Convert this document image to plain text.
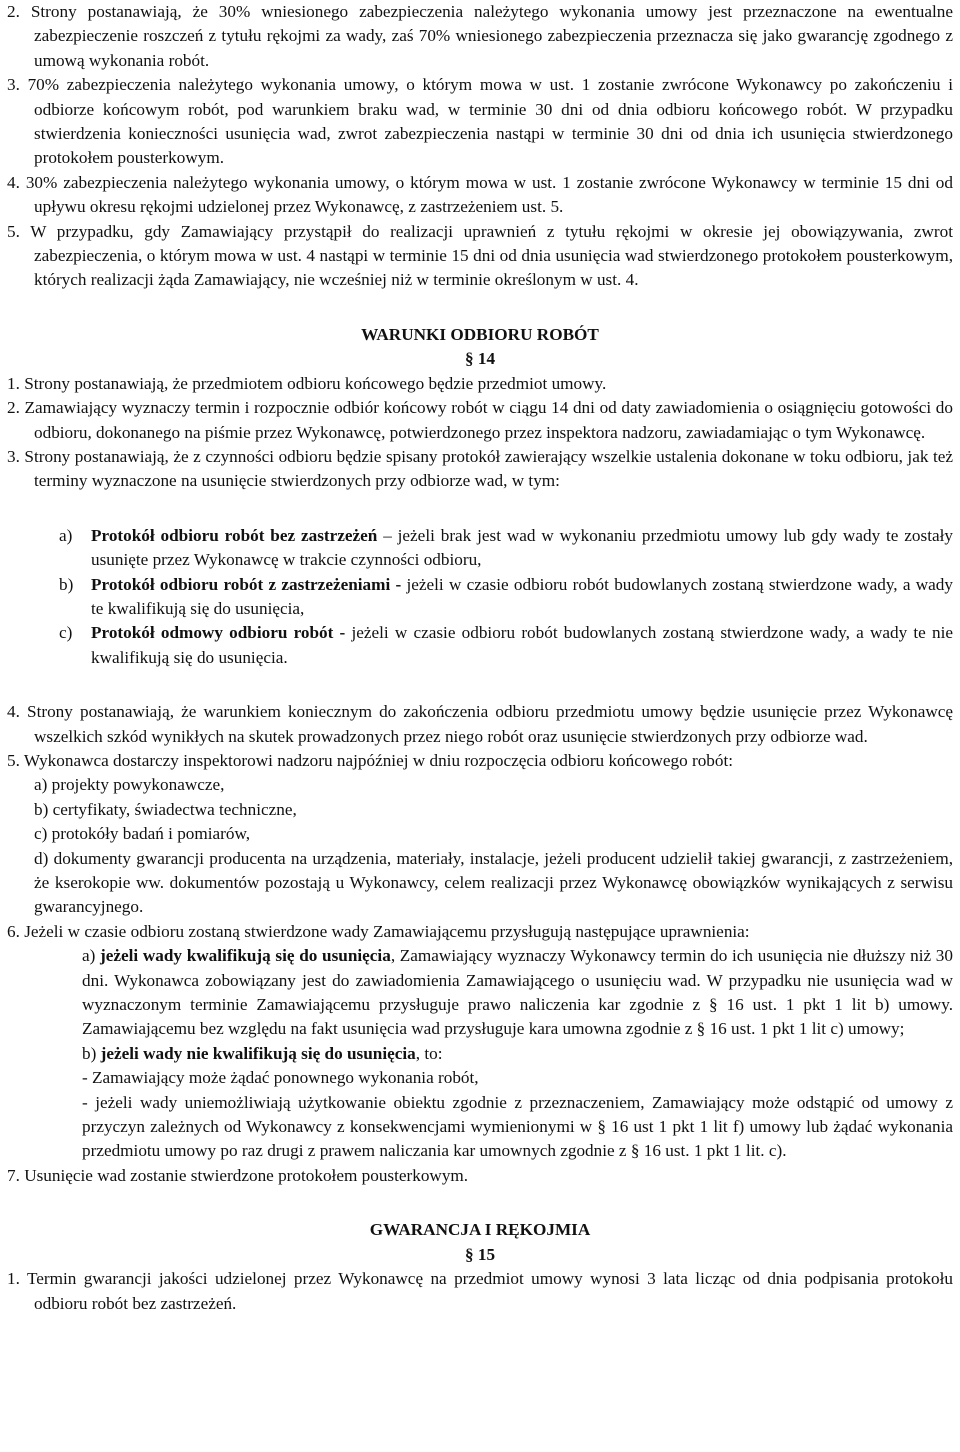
2. Strony postanawiają, że 30% wniesionego zabezpieczenia należytego wykonania umowy jest przeznaczone na ewentualne zabezpieczenie roszczeń z tytułu rękojmi za wady, zaś 70% wniesionego zabezpieczenia przeznacza się jako gwarancję zgodnego z umową wykonania robót.

3. 70% zabezpieczenia należytego wykonania umowy, o którym mowa w ust. 1 zostanie zwrócone Wykonawcy po zakończeniu i odbiorze końcowym robót, pod warunkiem braku wad, w terminie 30 dni od dnia odbioru końcowego robót. W przypadku stwierdzenia konieczności usunięcia wad, zwrot zabezpieczenia nastąpi w terminie 30 dni od dnia ich usunięcia stwierdzonego protokołem pousterkowym.

4. 30% zabezpieczenia należytego wykonania umowy, o którym mowa w ust. 1 zostanie zwrócone Wykonawcy w terminie 15 dni od upływu okresu rękojmi udzielonej przez Wykonawcę, z zastrzeżeniem ust. 5.

5. W przypadku, gdy Zamawiający przystąpił do realizacji uprawnień z tytułu rękojmi w okresie jej obowiązywania, zwrot zabezpieczenia, o którym mowa w ust. 4 nastąpi w terminie 15 dni od dnia usunięcia wad stwierdzonego protokołem pousterkowym, których realizacji żąda Zamawiający, nie wcześniej niż w terminie określonym w ust. 4.

WARUNKI ODBIORU ROBÓT

§ 14

1. Strony postanawiają, że przedmiotem odbioru końcowego będzie przedmiot umowy.

2. Zamawiający wyznaczy termin i rozpocznie odbiór końcowy robót w ciągu 14 dni od daty zawiadomienia o osiągnięciu gotowości do odbioru, dokonanego na piśmie przez Wykonawcę, potwierdzonego przez inspektora nadzoru, zawiadamiając o tym Wykonawcę.

3. Strony postanawiają, że z czynności odbioru będzie spisany protokół zawierający wszelkie ustalenia dokonane w toku odbioru, jak też terminy wyznaczone na usunięcie stwierdzonych przy odbiorze wad, w tym:

a) Protokół odbioru robót bez zastrzeżeń – jeżeli brak jest wad w wykonaniu przedmiotu umowy lub gdy wady te zostały usunięte przez Wykonawcę w trakcie czynności odbioru,

b) Protokół odbioru robót z zastrzeżeniami - jeżeli w czasie odbioru robót budowlanych zostaną stwierdzone wady, a wady te kwalifikują się do usunięcia,

c) Protokół odmowy odbioru robót - jeżeli w czasie odbioru robót budowlanych zostaną stwierdzone wady, a wady te nie kwalifikują się do usunięcia.

4. Strony postanawiają, że warunkiem koniecznym do zakończenia odbioru przedmiotu umowy będzie usunięcie przez Wykonawcę wszelkich szkód wynikłych na skutek prowadzonych przez niego robót oraz usunięcie stwierdzonych przy odbiorze wad.

5. Wykonawca dostarczy inspektorowi nadzoru najpóźniej w dniu rozpoczęcia odbioru końcowego robót:

a) projekty powykonawcze,

b) certyfikaty, świadectwa techniczne,

c) protokóły badań i pomiarów,

d) dokumenty gwarancji producenta na urządzenia, materiały, instalacje, jeżeli producent udzielił takiej gwarancji, z zastrzeżeniem, że kserokopie ww. dokumentów pozostają u Wykonawcy, celem realizacji przez Wykonawcę obowiązków wynikających z serwisu gwarancyjnego.

6. Jeżeli w czasie odbioru zostaną stwierdzone wady Zamawiającemu przysługują następujące uprawnienia:

a) jeżeli wady kwalifikują się do usunięcia, Zamawiający wyznaczy Wykonawcy termin do ich usunięcia nie dłuższy niż 30 dni. Wykonawca zobowiązany jest do zawiadomienia Zamawiającego o usunięciu wad. W przypadku nie usunięcia wad w wyznaczonym terminie Zamawiającemu przysługuje prawo naliczenia kar zgodnie z § 16 ust. 1 pkt 1 lit b) umowy. Zamawiającemu bez względu na fakt usunięcia wad przysługuje kara umowna zgodnie z § 16 ust. 1 pkt 1 lit c) umowy;

b) jeżeli wady nie kwalifikują się do usunięcia, to:

- Zamawiający może żądać ponownego wykonania robót,

- jeżeli wady uniemożliwiają użytkowanie obiektu zgodnie z przeznaczeniem, Zamawiający może odstąpić od umowy z przyczyn zależnych od Wykonawcy z konsekwencjami wymienionymi w § 16 ust 1 pkt 1 lit f) umowy lub żądać wykonania przedmiotu umowy po raz drugi z prawem naliczania kar umownych zgodnie z § 16 ust. 1 pkt 1 lit. c).

7. Usunięcie wad zostanie stwierdzone protokołem pousterkowym.

GWARANCJA I RĘKOJMIA

§ 15

1. Termin gwarancji jakości udzielonej przez Wykonawcę na przedmiot umowy wynosi 3 lata licząc od dnia podpisania protokołu odbioru robót bez zastrzeżeń.
